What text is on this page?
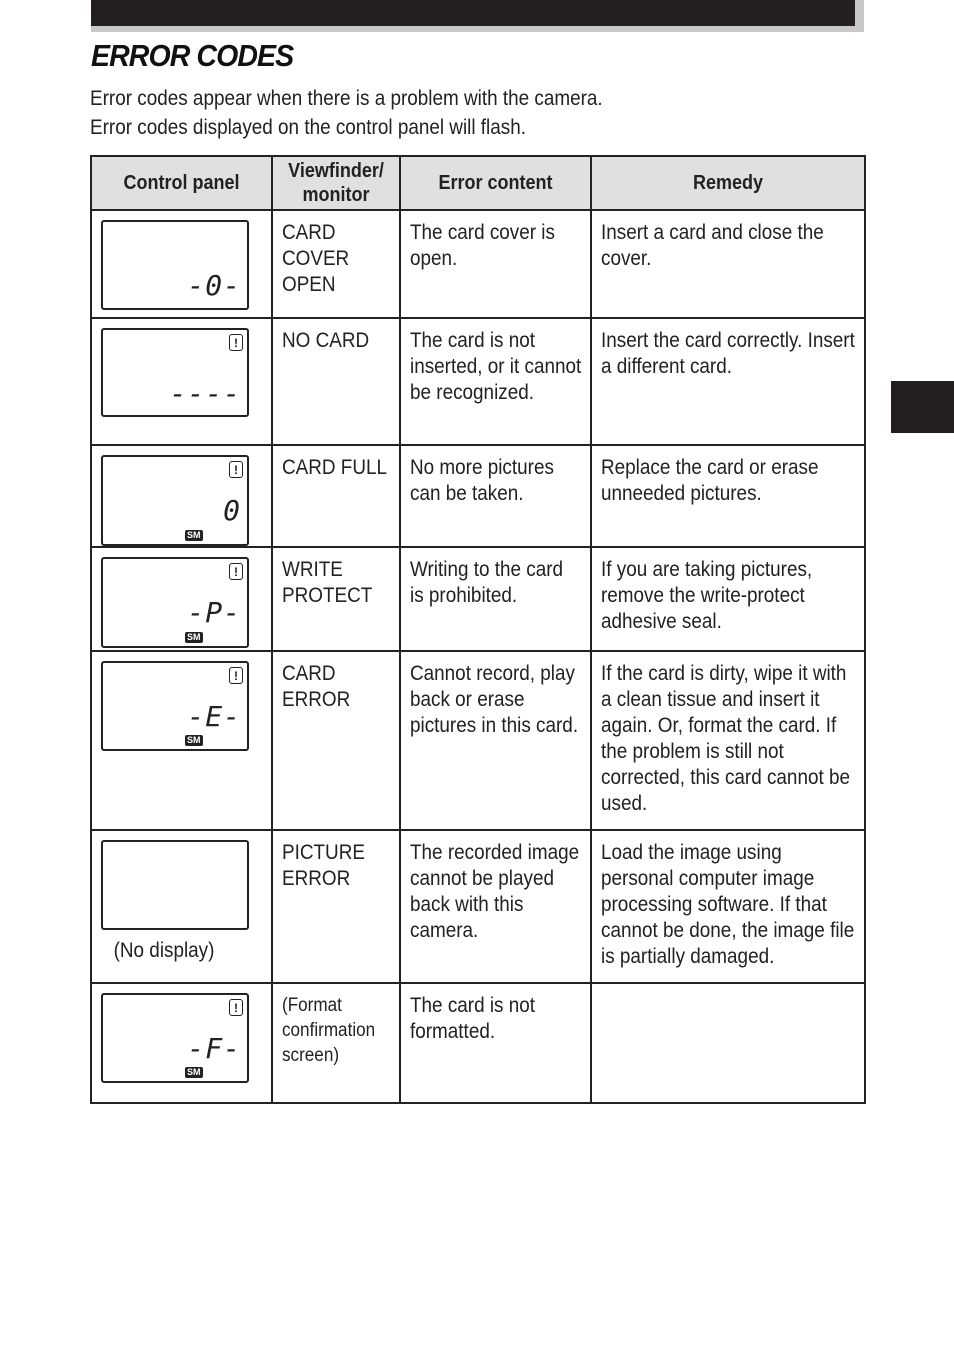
ERROR CODES
Error codes appear when there is a problem with the camera.
Error codes displayed on the control panel will flash.
Control panel	Viewfinder/ monitor	Error content	Remedy

-0-	CARD COVER OPEN	The card cover is open.	Insert a card and close the cover.

!
----	NO CARD	The card is not inserted, or it cannot be recognized.	Insert the card correctly. Insert a different card.

!
0
SM	CARD FULL	No more pictures can be taken.	Replace the card or erase unneeded pictures.

!
-P-
SM	WRITE PROTECT	Writing to the card is prohibited.	If you are taking pictures, remove the write-protect adhesive seal.

!
-E-
SM	CARD ERROR	Cannot record, play back or erase pictures in this card.	If the card is dirty, wipe it with a clean tissue and insert it again. Or, format the card. If the problem is still not corrected, this card cannot be used.

(No display)	PICTURE ERROR	The recorded image cannot be played back with this camera.	Load the image using personal computer image processing software. If that cannot be done, the image file is partially damaged.

!
-F-
SM	(Format confirmation screen)	The card is not formatted.	
